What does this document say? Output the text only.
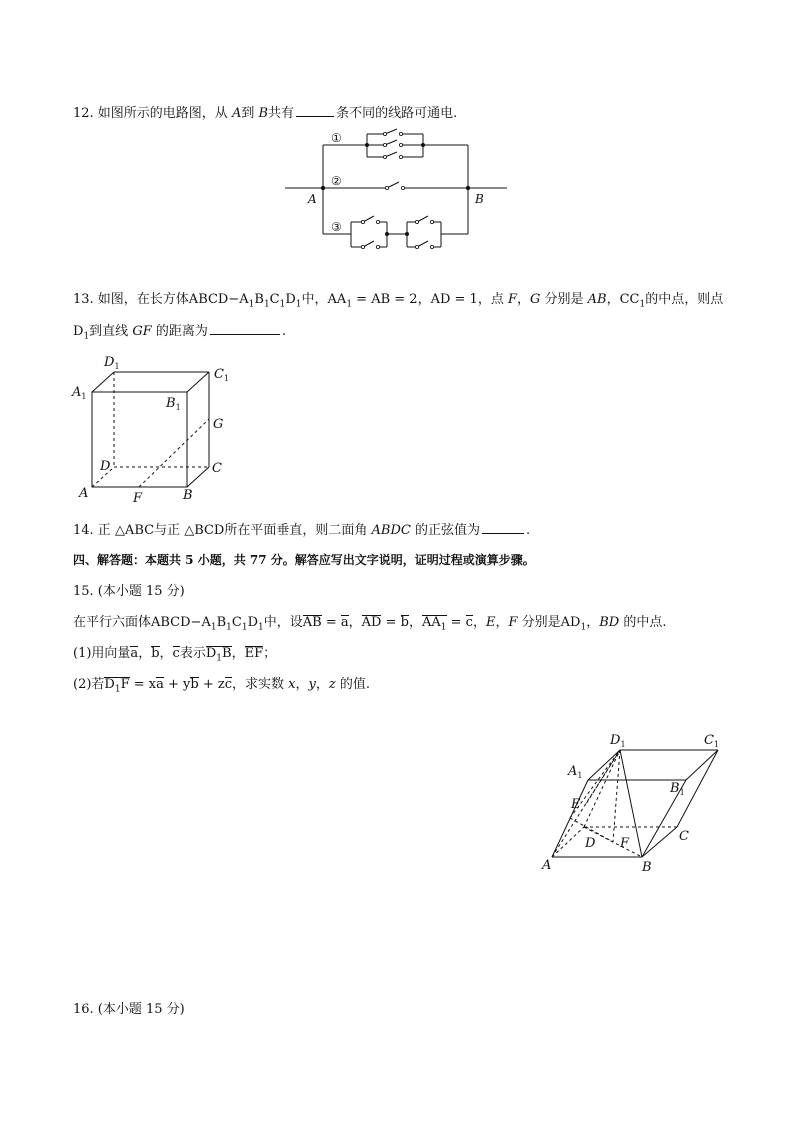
12. 如图所示的电路图，从 A到 B共有	条不同的线路可通电.
①
②
③
A	B
13. 如图，在长方体$ABCD-A_1B_1C_1D_1$中，$AA_1$ = AB = 2，AD = 1，点 F，G 分别是 AB，$CC_1$的中点，则点
$D_1$到直线 GF 的距离为	.
$D_1$
$C_1$
$A_1$	$B_1$
G
D	C
A	F	B
14. 正 △ABC与正 △BCD所在平面垂直，则二面角 ABDC 的正弦值为	.
四、解答题：本题共 5 小题，共 77 分。解答应写出文字说明，证明过程或演算步骤。
15. (本小题 15 分)
在平行六面体$ABCD-A_1B_1C_1D_1$中，设AB = a，AD = b，$AA_1 = c$，E，F 分别是$AD_1$，BD 的中点.
(1)用向量a，b，c表示$D_1B$，EF；
(2)若$D_1F$ = xa + yb + zc，求实数 x，y，z 的值.
$D_1$	$C_1$
$A_1$
$B_1$
E
D F	C
A	B
16. (本小题 15 分)
